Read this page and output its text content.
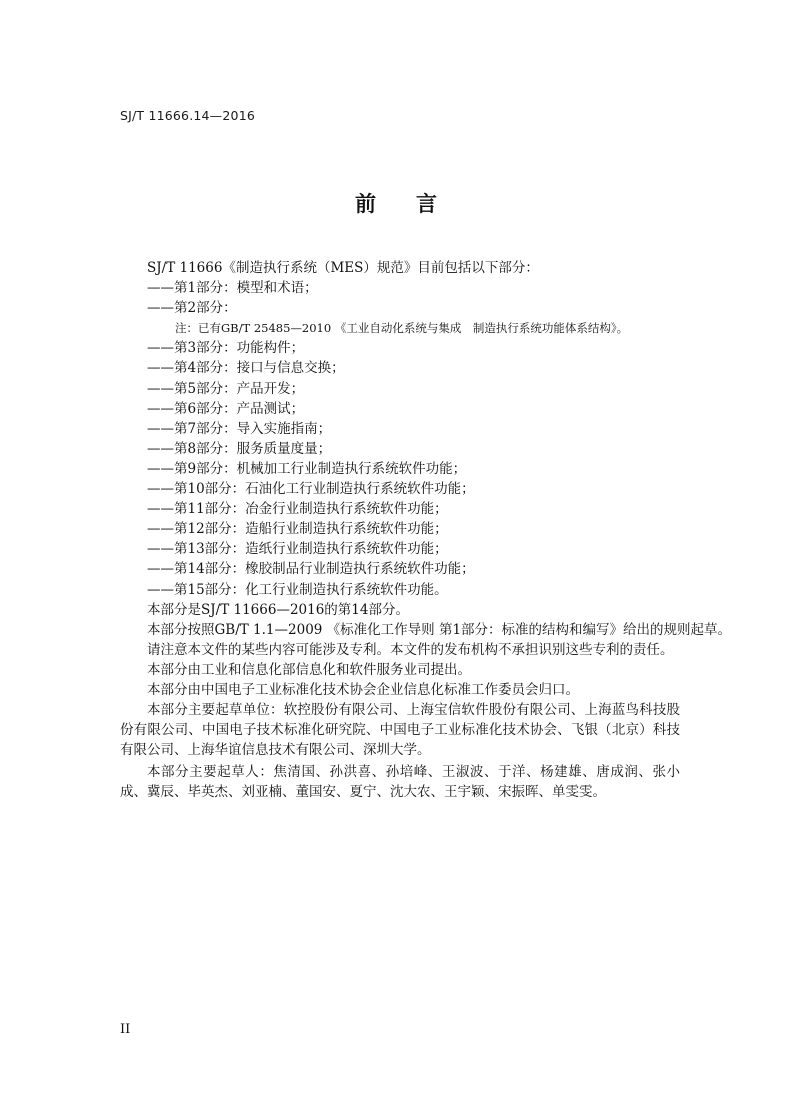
SJ/T 11666.14—2016
前言
SJ/T 11666《制造执行系统（MES）规范》目前包括以下部分：
——第1部分：模型和术语；
——第2部分：
注：已有GB/T 25485—2010 《工业自动化系统与集成　制造执行系统功能体系结构》。
——第3部分：功能构件；
——第4部分：接口与信息交换；
——第5部分：产品开发；
——第6部分：产品测试；
——第7部分：导入实施指南；
——第8部分：服务质量度量；
——第9部分：机械加工行业制造执行系统软件功能；
——第10部分：石油化工行业制造执行系统软件功能；
——第11部分：冶金行业制造执行系统软件功能；
——第12部分：造船行业制造执行系统软件功能；
——第13部分：造纸行业制造执行系统软件功能；
——第14部分：橡胶制品行业制造执行系统软件功能；
——第15部分：化工行业制造执行系统软件功能。
本部分是SJ/T 11666—2016的第14部分。
本部分按照GB/T 1.1—2009 《标准化工作导则 第1部分：标准的结构和编写》给出的规则起草。
请注意本文件的某些内容可能涉及专利。本文件的发布机构不承担识别这些专利的责任。
本部分由工业和信息化部信息化和软件服务业司提出。
本部分由中国电子工业标准化技术协会企业信息化标准工作委员会归口。
本部分主要起草单位：软控股份有限公司、上海宝信软件股份有限公司、上海蓝鸟科技股份有限公司、中国电子技术标准化研究院、中国电子工业标准化技术协会、飞银（北京）科技有限公司、上海华谊信息技术有限公司、深圳大学。
本部分主要起草人：焦清国、孙洪喜、孙培峰、王淑波、于洋、杨建雄、唐成润、张小成、冀辰、毕英杰、刘亚楠、董国安、夏宁、沈大农、王宇颖、宋振晖、单雯雯。
II
